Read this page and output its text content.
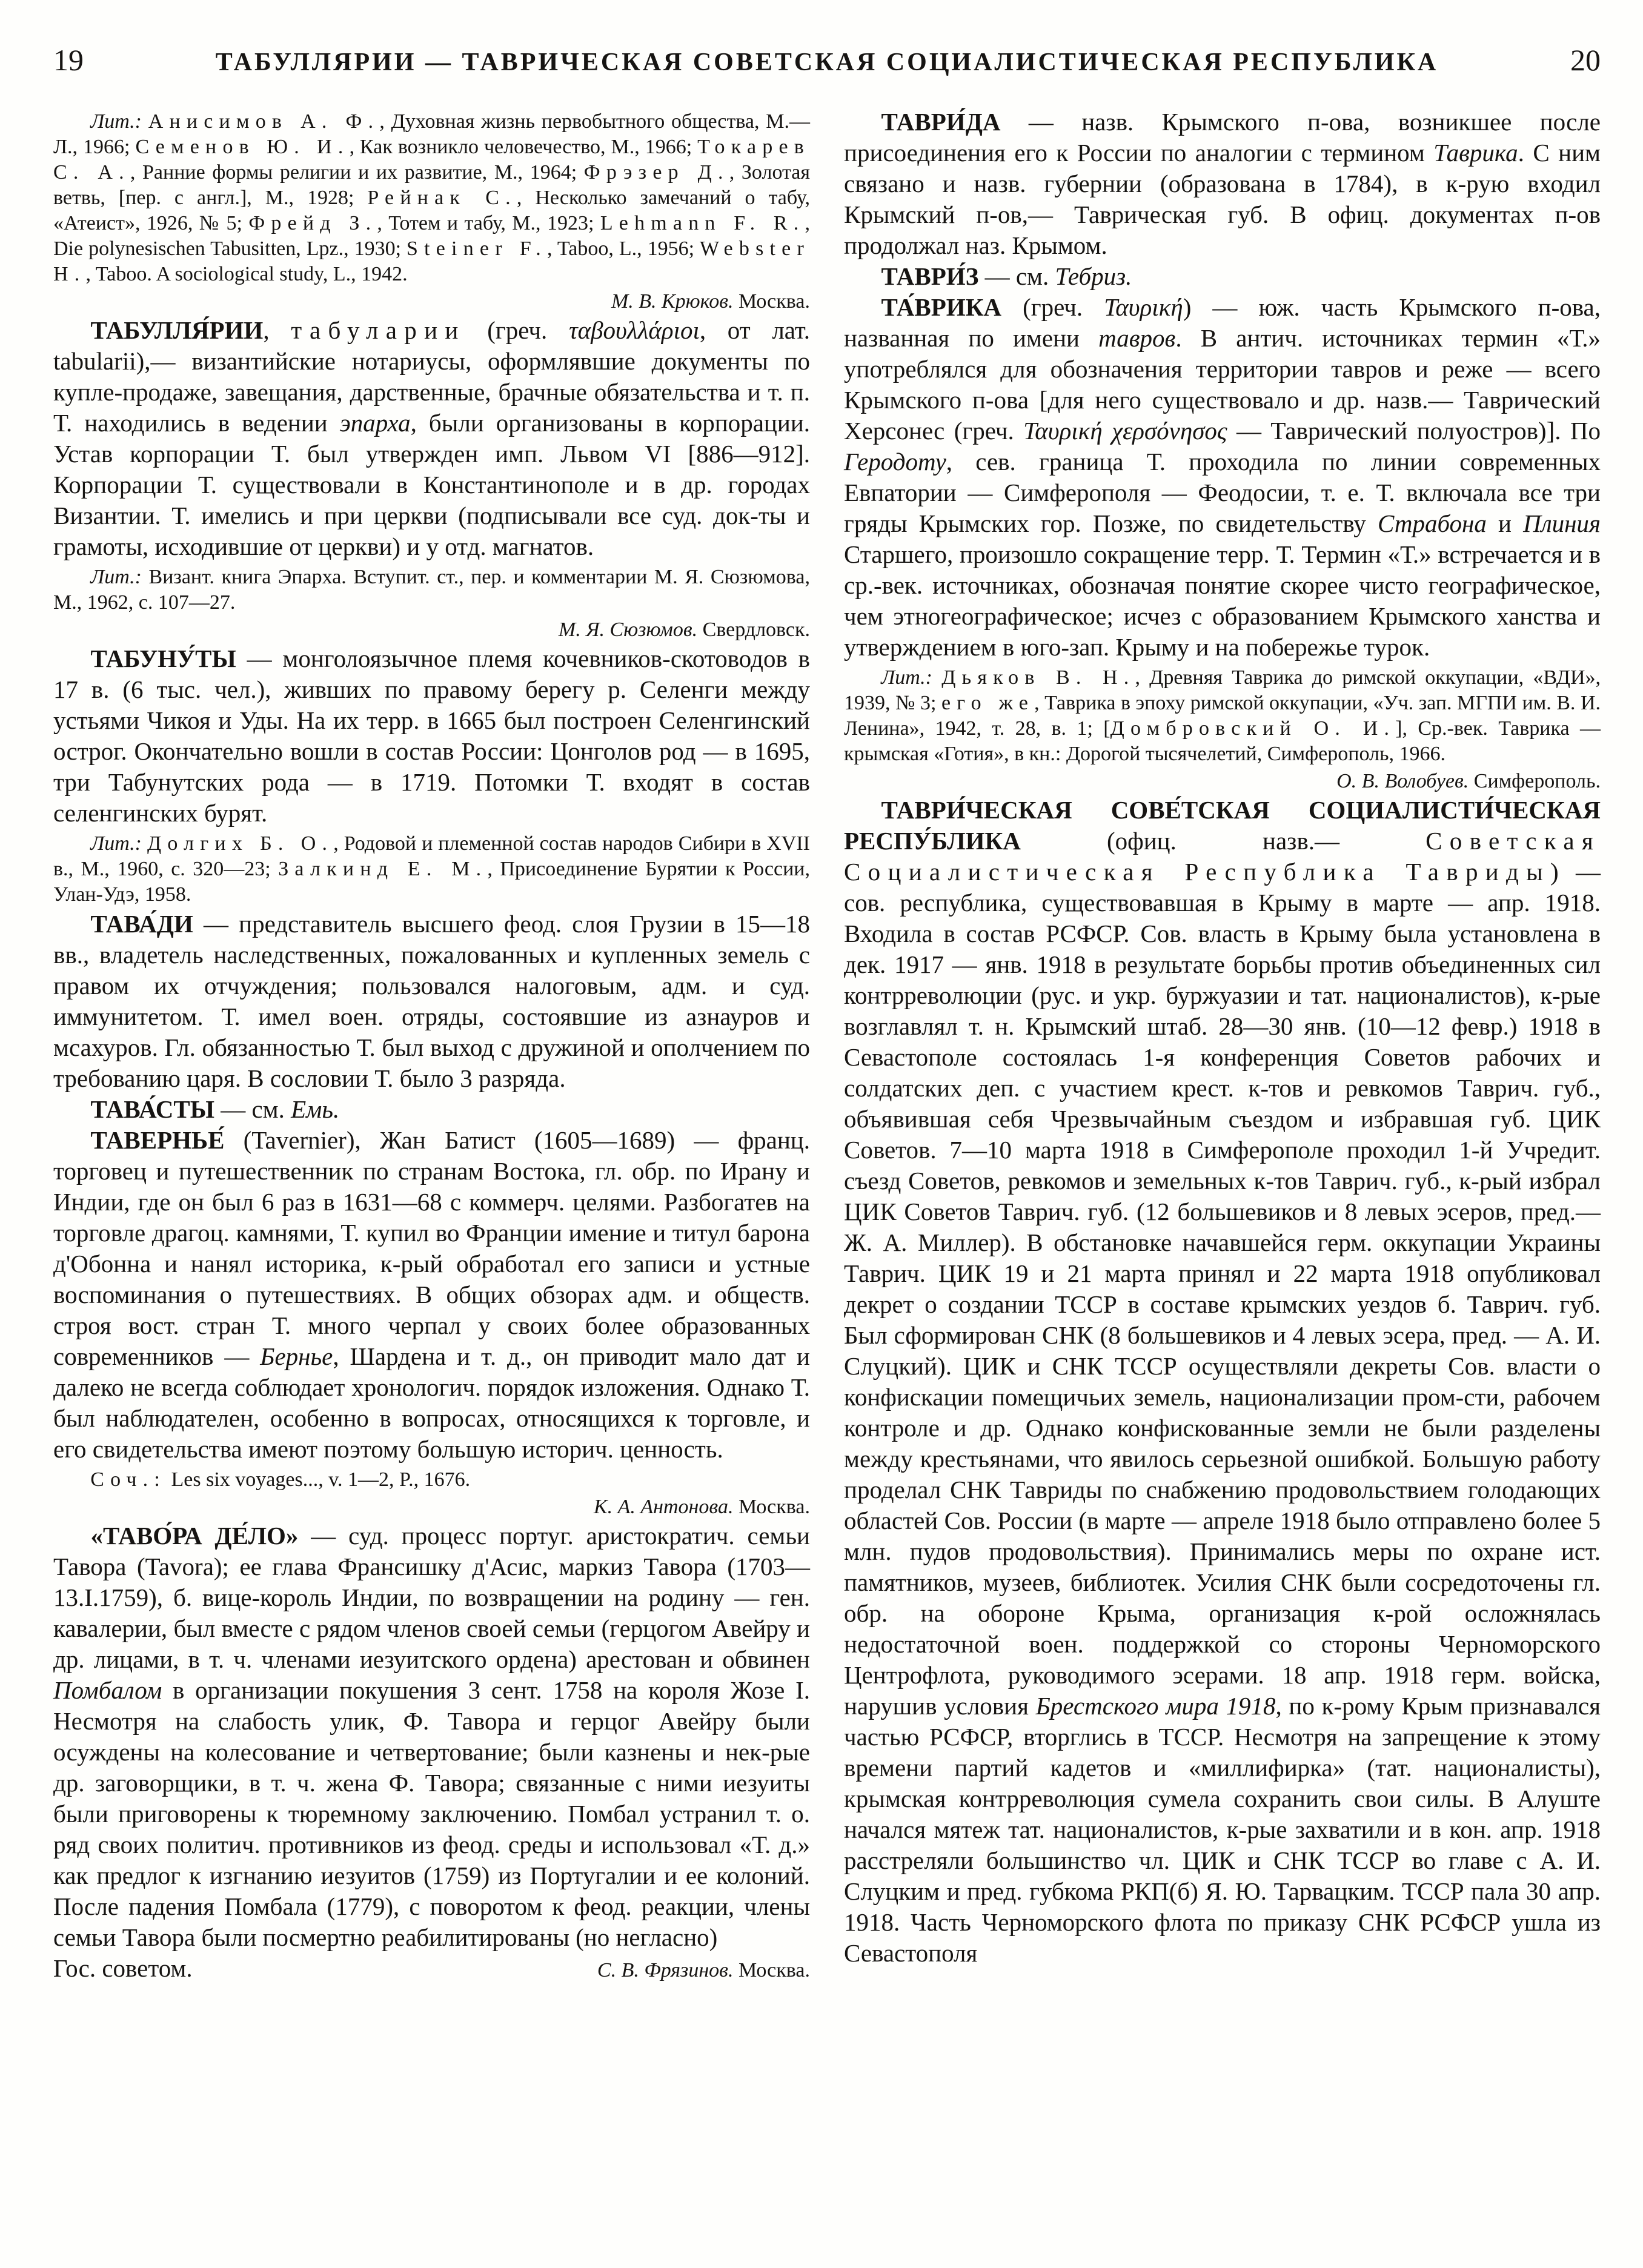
19	ТАБУЛЛЯРИИ — ТАВРИЧЕСКАЯ СОВЕТСКАЯ СОЦИАЛИСТИЧЕСКАЯ РЕСПУБЛИКА	20

Лит.: Анисимов А. Ф., Духовная жизнь первобытного общества, М.— Л., 1966; Семенов Ю. И., Как возникло человечество, М., 1966; Токарев С. А., Ранние формы религии и их развитие, М., 1964; Фрэзер Д., Золотая ветвь, [пер. с англ.], М., 1928; Рейнак С., Несколько замечаний о табу, «Атеист», 1926, № 5; Фрейд З., Тотем и табу, М., 1923; Lehmann F. R., Die polynesischen Tabusitten, Lpz., 1930; Steiner F., Taboo, L., 1956; Webster H., Taboo. A sociological study, L., 1942.

М. В. Крюков. Москва.

ТАБУЛЛЯ́РИИ, табуларии (греч. ταβουλλάριοι, от лат. tabularii),— византийские нотариусы, оформлявшие документы по купле-продаже, завещания, дарственные, брачные обязательства и т. п. Т. находились в ведении эпарха, были организованы в корпорации. Устав корпорации Т. был утвержден имп. Львом VI [886—912]. Корпорации Т. существовали в Константинополе и в др. городах Византии. Т. имелись и при церкви (подписывали все суд. док-ты и грамоты, исходившие от церкви) и у отд. магнатов.

Лит.: Визант. книга Эпарха. Вступит. ст., пер. и комментарии М. Я. Сюзюмова, М., 1962, с. 107—27.

М. Я. Сюзюмов. Свердловск.

ТАБУНУ́ТЫ — монголоязычное племя кочевников-скотоводов в 17 в. (6 тыс. чел.), живших по правому берегу р. Селенги между устьями Чикоя и Уды. На их терр. в 1665 был построен Селенгинский острог. Окончательно вошли в состав России: Цонголов род — в 1695, три Табунутских рода — в 1719. Потомки Т. входят в состав селенгинских бурят.

Лит.: Долгих Б. О., Родовой и племенной состав народов Сибири в XVII в., М., 1960, с. 320—23; Залкинд Е. М., Присоединение Бурятии к России, Улан-Удэ, 1958.

ТАВА́ДИ — представитель высшего феод. слоя Грузии в 15—18 вв., владетель наследственных, пожалованных и купленных земель с правом их отчуждения; пользовался налоговым, адм. и суд. иммунитетом. Т. имел воен. отряды, состоявшие из азнауров и мсахуров. Гл. обязанностью Т. был выход с дружиной и ополчением по требованию царя. В сословии Т. было 3 разряда.

ТАВА́СТЫ — см. Емь.

ТАВЕРНЬЕ́ (Tavernier), Жан Батист (1605—1689) — франц. торговец и путешественник по странам Востока, гл. обр. по Ирану и Индии, где он был 6 раз в 1631—68 с коммерч. целями. Разбогатев на торговле драгоц. камнями, Т. купил во Франции имение и титул барона д'Обонна и нанял историка, к-рый обработал его записи и устные воспоминания о путешествиях. В общих обзорах адм. и обществ. строя вост. стран Т. много черпал у своих более образованных современников — Бернье, Шардена и т. д., он приводит мало дат и далеко не всегда соблюдает хронологич. порядок изложения. Однако Т. был наблюдателен, особенно в вопросах, относящихся к торговле, и его свидетельства имеют поэтому большую историч. ценность.

Соч.: Les six voyages..., v. 1—2, P., 1676.

К. А. Антонова. Москва.

«ТАВО́РА ДЕ́ЛО» — суд. процесс португ. аристократич. семьи Тавора (Tavora); ее глава Франсишку д'Асис, маркиз Тавора (1703—13.I.1759), б. вице-король Индии, по возвращении на родину — ген. кавалерии, был вместе с рядом членов своей семьи (герцогом Авейру и др. лицами, в т. ч. членами иезуитского ордена) арестован и обвинен Помбалом в организации покушения 3 сент. 1758 на короля Жозе I. Несмотря на слабость улик, Ф. Тавора и герцог Авейру были осуждены на колесование и четвертование; были казнены и нек-рые др. заговорщики, в т. ч. жена Ф. Тавора; связанные с ними иезуиты были приговорены к тюремному заключению. Помбал устранил т. о. ряд своих политич. противников из феод. среды и использовал «Т. д.» как предлог к изгнанию иезуитов (1759) из Португалии и ее колоний. После падения Помбала (1779), с поворотом к феод. реакции, члены семьи Тавора были посмертно реабилитированы (но негласно)

Гос. советом.	С. В. Фрязинов. Москва.

ТАВРИ́ДА — назв. Крымского п-ова, возникшее после присоединения его к России по аналогии с термином Таврика. С ним связано и назв. губернии (образована в 1784), в к-рую входил Крымский п-ов,— Таврическая губ. В офиц. документах п-ов продолжал наз. Крымом.

ТАВРИ́З — см. Тебриз.

ТА́ВРИКА (греч. Ταυρική) — юж. часть Крымского п-ова, названная по имени тавров. В антич. источниках термин «Т.» употреблялся для обозначения территории тавров и реже — всего Крымского п-ова [для него существовало и др. назв.— Таврический Херсонес (греч. Ταυρική χερσόνησος — Таврический полуостров)]. По Геродоту, сев. граница Т. проходила по линии современных Евпатории — Симферополя — Феодосии, т. е. Т. включала все три гряды Крымских гор. Позже, по свидетельству Страбона и Плиния Старшего, произошло сокращение терр. Т. Термин «Т.» встречается и в ср.-век. источниках, обозначая понятие скорее чисто географическое, чем этногеографическое; исчез с образованием Крымского ханства и утверждением в юго-зап. Крыму и на побережье турок.

Лит.: Дьяков В. Н., Древняя Таврика до римской оккупации, «ВДИ», 1939, № 3; его же, Таврика в эпоху римской оккупации, «Уч. зап. МГПИ им. В. И. Ленина», 1942, т. 28, в. 1; [Домбровский О. И.], Ср.-век. Таврика — крымская «Готия», в кн.: Дорогой тысячелетий, Симферополь, 1966.

О. В. Волобуев. Симферополь.

ТАВРИ́ЧЕСКАЯ СОВЕ́ТСКАЯ СОЦИАЛИСТИ́ЧЕСКАЯ РЕСПУ́БЛИКА (офиц. назв.— Советская Социалистическая Республика Тавриды) — сов. республика, существовавшая в Крыму в марте — апр. 1918. Входила в состав РСФСР. Сов. власть в Крыму была установлена в дек. 1917 — янв. 1918 в результате борьбы против объединенных сил контрреволюции (рус. и укр. буржуазии и тат. националистов), к-рые возглавлял т. н. Крымский штаб. 28—30 янв. (10—12 февр.) 1918 в Севастополе состоялась 1-я конференция Советов рабочих и солдатских деп. с участием крест. к-тов и ревкомов Таврич. губ., объявившая себя Чрезвычайным съездом и избравшая губ. ЦИК Советов. 7—10 марта 1918 в Симферополе проходил 1-й Учредит. съезд Советов, ревкомов и земельных к-тов Таврич. губ., к-рый избрал ЦИК Советов Таврич. губ. (12 большевиков и 8 левых эсеров, пред.— Ж. А. Миллер). В обстановке начавшейся герм. оккупации Украины Таврич. ЦИК 19 и 21 марта принял и 22 марта 1918 опубликовал декрет о создании ТССР в составе крымских уездов б. Таврич. губ. Был сформирован СНК (8 большевиков и 4 левых эсера, пред. — А. И. Слуцкий). ЦИК и СНК ТССР осуществляли декреты Сов. власти о конфискации помещичьих земель, национализации пром-сти, рабочем контроле и др. Однако конфискованные земли не были разделены между крестьянами, что явилось серьезной ошибкой. Большую работу проделал СНК Тавриды по снабжению продовольствием голодающих областей Сов. России (в марте — апреле 1918 было отправлено более 5 млн. пудов продовольствия). Принимались меры по охране ист. памятников, музеев, библиотек. Усилия СНК были сосредоточены гл. обр. на обороне Крыма, организация к-рой осложнялась недостаточной воен. поддержкой со стороны Черноморского Центрофлота, руководимого эсерами. 18 апр. 1918 герм. войска, нарушив условия Брестского мира 1918, по к-рому Крым признавался частью РСФСР, вторглись в ТССР. Несмотря на запрещение к этому времени партий кадетов и «миллифирка» (тат. националисты), крымская контрреволюция сумела сохранить свои силы. В Алуште начался мятеж тат. националистов, к-рые захватили и в кон. апр. 1918 расстреляли большинство чл. ЦИК и СНК ТССР во главе с А. И. Слуцким и пред. губкома РКП(б) Я. Ю. Тарвацким. ТССР пала 30 апр. 1918. Часть Черноморского флота по приказу СНК РСФСР ушла из Севастополя
